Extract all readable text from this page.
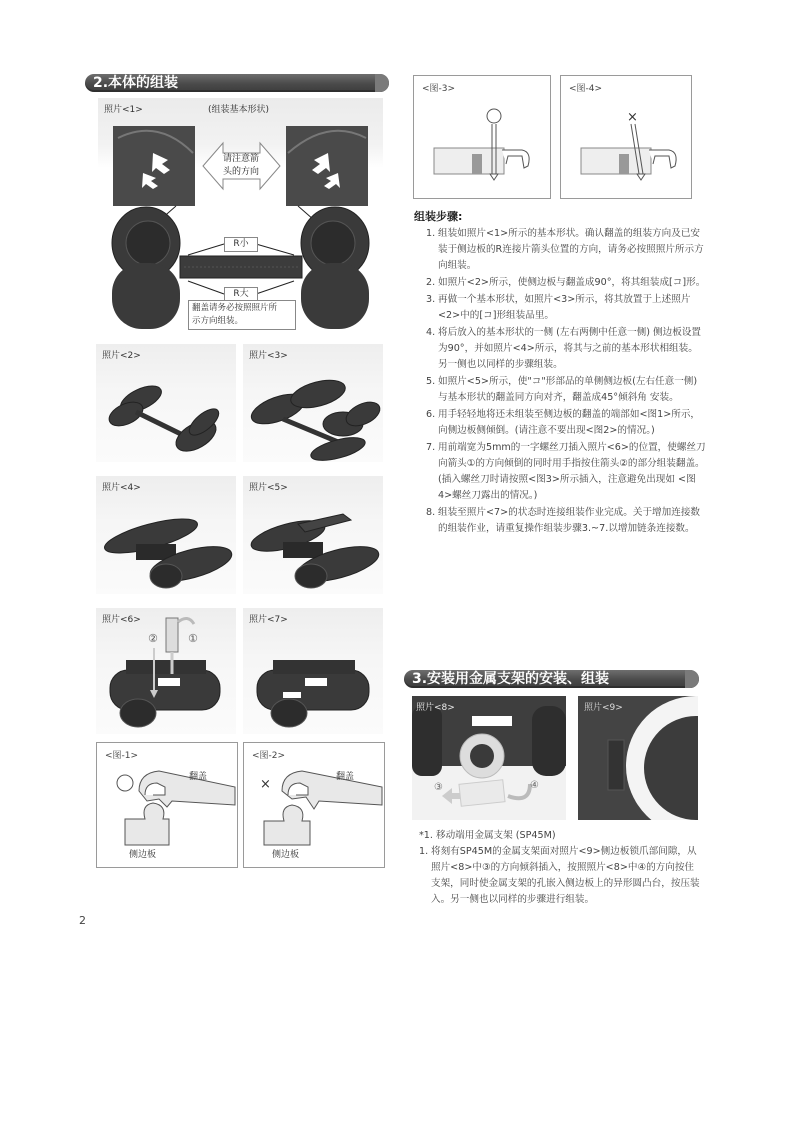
2.本体的组装
照片<1>	(组装基本形状)
请注意箭
头的方向
R小
R大
翻盖请务必按照照片所
示方向组装。
照片<2>	照片<3>
照片<4>	照片<5>
照片<6>
①
②
照片<7>
<图-1>
翻盖
侧边板
<图-2>
×	翻盖
侧边板
<图-3>	<图-4>
×
组装步骤:
1. 组装如照片<1>所示的基本形状。确认翻盖的组装方向及已安装于侧边板的R连接片箭头位置的方向，请务必按照照片所示方向组装。
2. 如照片<2>所示，使侧边板与翻盖成90°，将其组装成[コ]形。
3. 再做一个基本形状，如照片<3>所示，将其放置于上述照片<2>中的[コ]形组装品里。
4. 将后放入的基本形状的一侧 (左右两侧中任意一侧) 侧边板设置为90°，并如照片<4>所示，将其与之前的基本形状相组装。另一侧也以同样的步骤组装。
5. 如照片<5>所示，使"コ"形部品的单侧侧边板(左右任意一侧)与基本形状的翻盖同方向对齐，翻盖成45°倾斜角 安装。
6. 用手轻轻地将还未组装至侧边板的翻盖的端部如<图1>所示，向侧边板侧倾倒。(请注意不要出现<图2>的情况。)
7. 用前端宽为5mm的一字螺丝刀插入照片<6>的位置，使螺丝刀向箭头①的方向倾倒的同时用手指按住箭头②的部分组装翻盖。(插入螺丝刀时请按照<图3>所示插入，注意避免出现如 <图4>螺丝刀露出的情况。)
8. 组装至照片<7>的状态时连接组装作业完成。关于增加连接数的组装作业，请重复操作组装步骤3.~7.以增加链条连接数。
3.安装用金属支架的安装、组装
照片<8>
③	④
照片<9>
*1. 移动端用金属支架 (SP45M)
1. 将刻有SP45M的金属支架面对照片<9>侧边板锁爪部间隙，从照片<8>中③的方向倾斜插入，按照照片<8>中④的方向按住支架，同时使金属支架的孔嵌入侧边板上的异形圆凸台，按压装入。另一侧也以同样的步骤进行组装。
2
